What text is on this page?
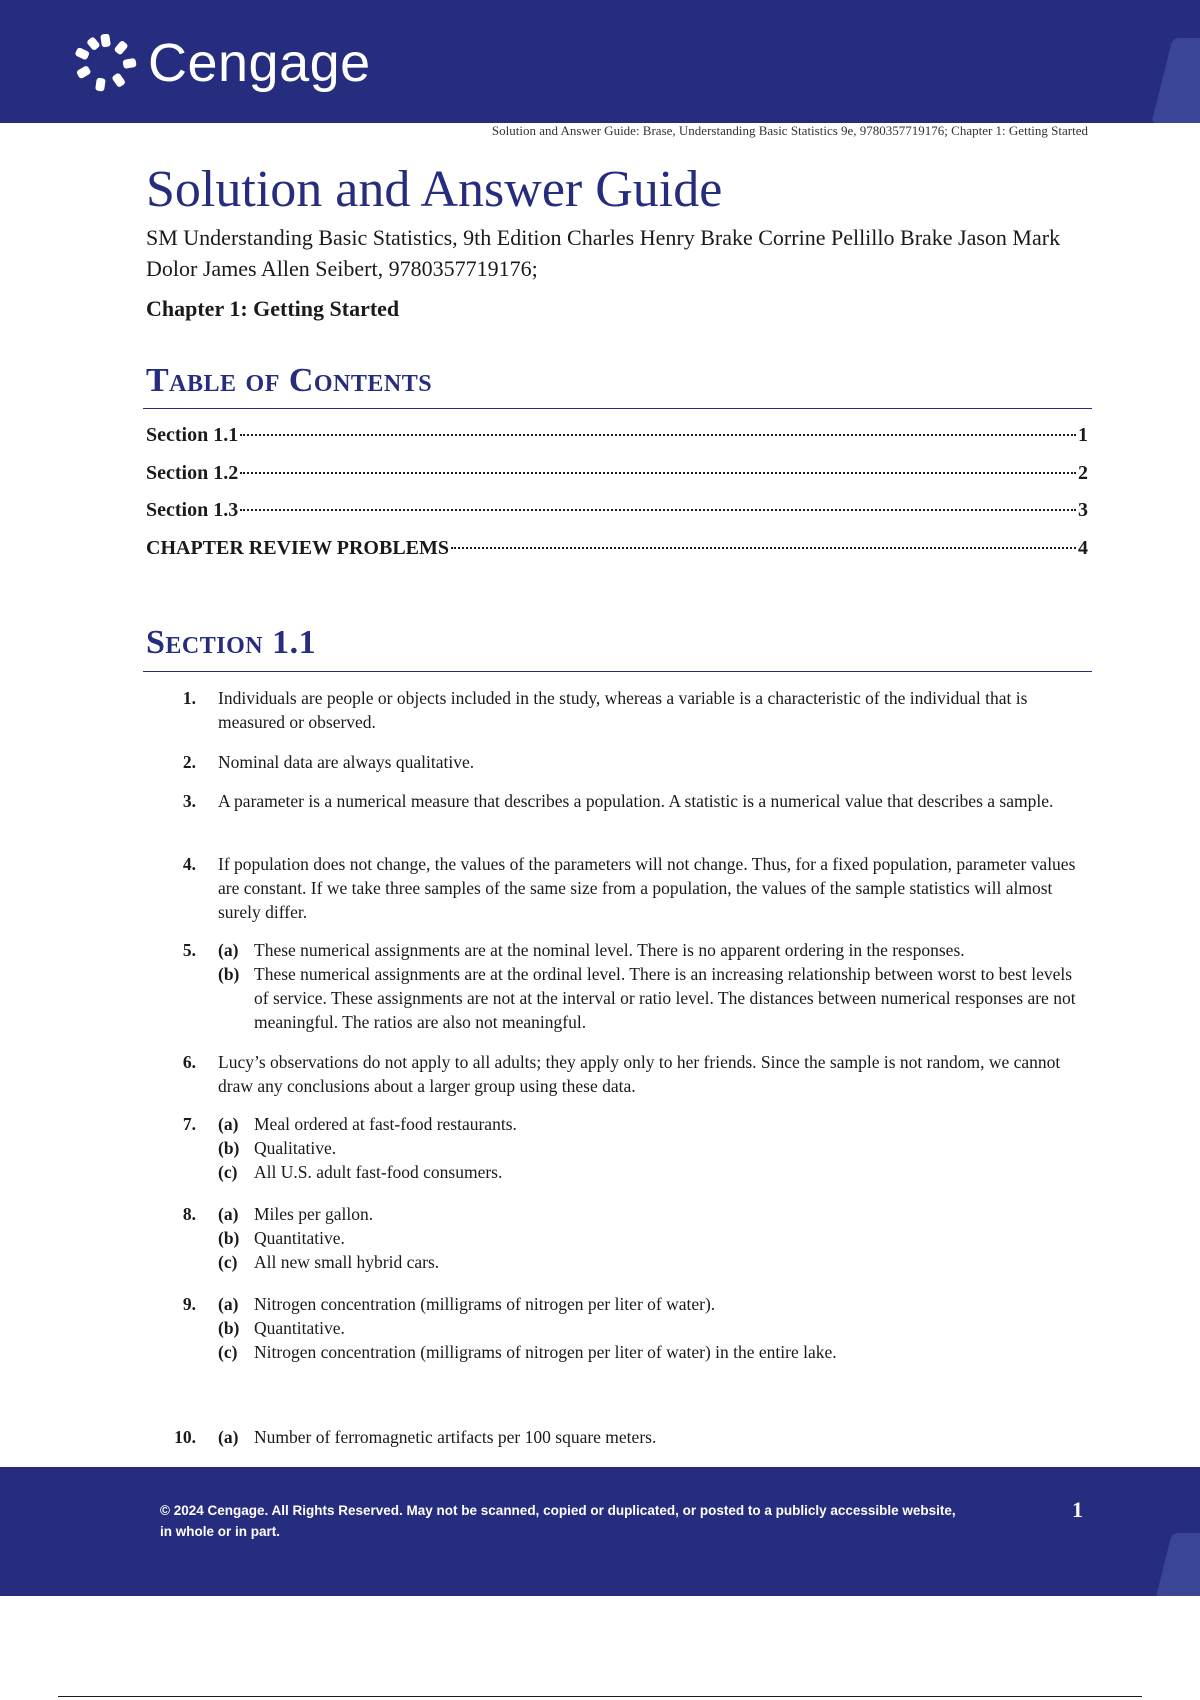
Cengage
Solution and Answer Guide: Brase, Understanding Basic Statistics 9e, 9780357719176; Chapter 1: Getting Started
Solution and Answer Guide
SM Understanding Basic Statistics, 9th Edition Charles Henry Brake Corrine Pellillo Brake Jason Mark Dolor James Allen Seibert, 9780357719176;
Chapter 1: Getting Started
Table of Contents
Section 1.1	1
Section 1.2	2
Section 1.3	3
CHAPTER REVIEW PROBLEMS	4
Section 1.1
1. Individuals are people or objects included in the study, whereas a variable is a characteristic of the individual that is measured or observed.
2. Nominal data are always qualitative.
3. A parameter is a numerical measure that describes a population. A statistic is a numerical value that describes a sample.
4. If population does not change, the values of the parameters will not change. Thus, for a fixed population, parameter values are constant. If we take three samples of the same size from a population, the values of the sample statistics will almost surely differ.
5. (a) These numerical assignments are at the nominal level. There is no apparent ordering in the responses.
(b) These numerical assignments are at the ordinal level. There is an increasing relationship between worst to best levels of service. These assignments are not at the interval or ratio level. The distances between numerical responses are not meaningful. The ratios are also not meaningful.
6. Lucy’s observations do not apply to all adults; they apply only to her friends. Since the sample is not random, we cannot draw any conclusions about a larger group using these data.
7. (a) Meal ordered at fast-food restaurants.
(b) Qualitative.
(c) All U.S. adult fast-food consumers.
8. (a) Miles per gallon.
(b) Quantitative.
(c) All new small hybrid cars.
9. (a) Nitrogen concentration (milligrams of nitrogen per liter of water).
(b) Quantitative.
(c) Nitrogen concentration (milligrams of nitrogen per liter of water) in the entire lake.
10. (a) Number of ferromagnetic artifacts per 100 square meters.
© 2024 Cengage. All Rights Reserved. May not be scanned, copied or duplicated, or posted to a publicly accessible website, in whole or in part.
1
